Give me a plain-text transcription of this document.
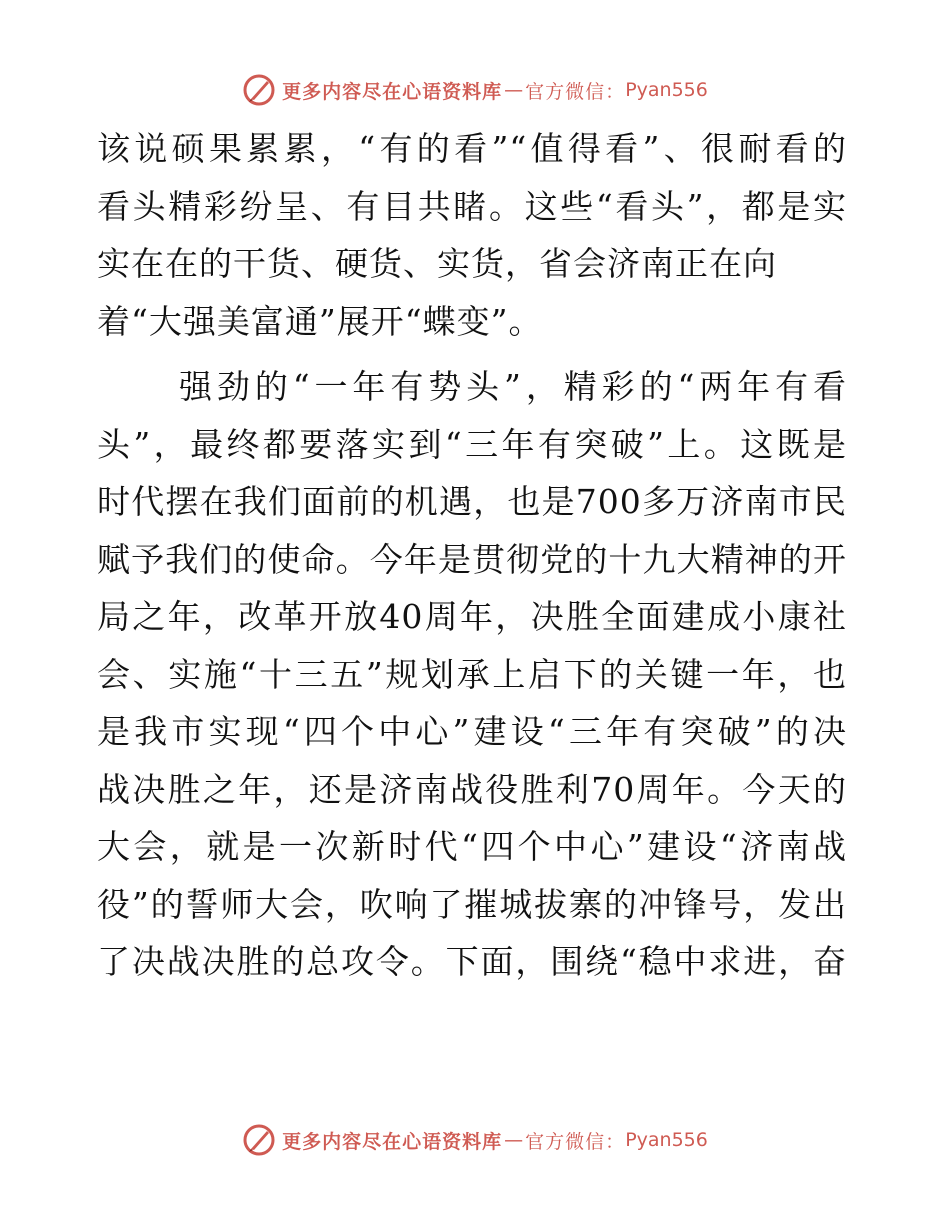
更多内容尽在心语资料库 — 官方微信： Pyan556
该说硕果累累，“有的看”“值得看”、很耐看的
看头精彩纷呈、有目共睹。这些“看头”，都是实
实在在的干货、硬货、实货，省会济南正在向
着“大强美富通”展开“蝶变”。
强劲的“一年有势头”，精彩的“两年有看
头”，最终都要落实到“三年有突破”上。这既是
时代摆在我们面前的机遇，也是700多万济南市民
赋予我们的使命。今年是贯彻党的十九大精神的开
局之年，改革开放40周年，决胜全面建成小康社
会、实施“十三五”规划承上启下的关键一年，也
是我市实现“四个中心”建设“三年有突破”的决
战决胜之年，还是济南战役胜利70周年。今天的
大会，就是一次新时代“四个中心”建设“济南战
役”的誓师大会，吹响了摧城拔寨的冲锋号，发出
了决战决胜的总攻令。下面，围绕“稳中求进，奋
更多内容尽在心语资料库 — 官方微信： Pyan556
